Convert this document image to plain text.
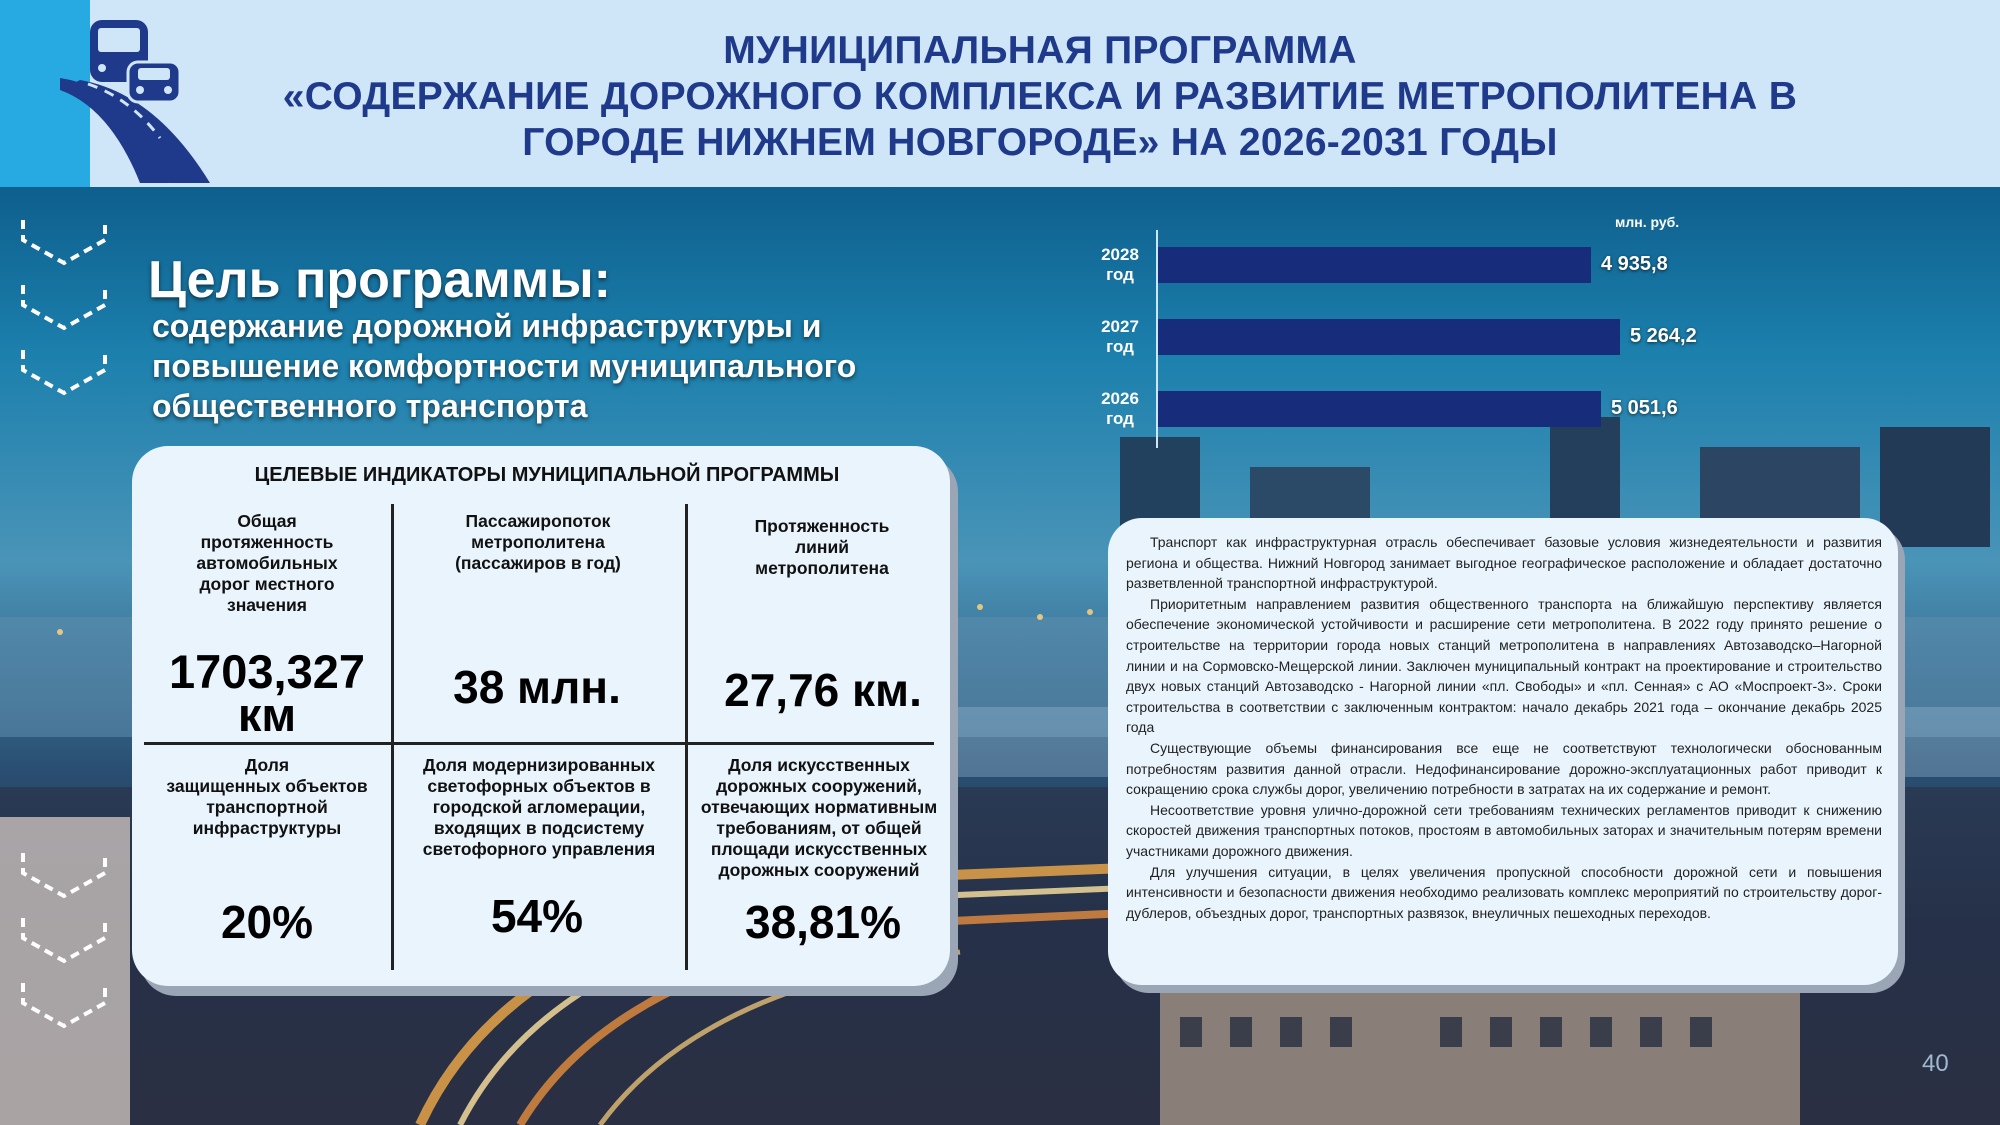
МУНИЦИПАЛЬНАЯ ПРОГРАММА
«СОДЕРЖАНИЕ ДОРОЖНОГО КОМПЛЕКСА И РАЗВИТИЕ МЕТРОПОЛИТЕНА В
ГОРОДЕ НИЖНЕМ НОВГОРОДЕ» НА 2026-2031 ГОДЫ
Цель программы:
содержание дорожной инфраструктуры и
повышение комфортности муниципального
общественного транспорта
ЦЕЛЕВЫЕ ИНДИКАТОРЫ МУНИЦИПАЛЬНОЙ ПРОГРАММЫ
Общая
протяженность
автомобильных
дорог местного
значения
1703,327
км
Пассажиропоток
метрополитена
(пассажиров в год)
38 млн.
Протяженность
линий
метрополитена
27,76 км.
Доля
защищенных объектов
транспортной
инфраструктуры
20%
Доля модернизированных
светофорных объектов в
городской агломерации,
входящих в подсистему
светофорного управления
54%
Доля искусственных
дорожных сооружений,
отвечающих нормативным
требованиям, от общей
площади искусственных
дорожных сооружений
38,81%
млн. руб.
2028
год	4 935,8
2027
год	5 264,2
2026
год	5 051,6

Транспорт как инфраструктурная отрасль обеспечивает базовые условия жизнедеятельности и развития региона и общества. Нижний Новгород занимает выгодное географическое расположение и обладает достаточно разветвленной транспортной инфраструктурой.

Приоритетным направлением развития общественного транспорта на ближайшую перспективу является обеспечение экономической устойчивости и расширение сети метрополитена. В 2022 году принято решение о строительстве на территории города новых станций метрополитена в направлениях Автозаводско–Нагорной линии и на Сормовско-Мещерской линии. Заключен муниципальный контракт на проектирование и строительство двух новых станций Автозаводско - Нагорной линии «пл. Свободы» и «пл. Сенная» с АО «Моспроект-3». Сроки строительства в соответствии с заключенным контрактом: начало декабрь 2021 года – окончание декабрь 2025 года

Существующие объемы финансирования все еще не соответствуют технологически обоснованным потребностям развития данной отрасли. Недофинансирование дорожно-эксплуатационных работ приводит к сокращению срока службы дорог, увеличению потребности в затратах на их содержание и ремонт.

Несоответствие уровня улично-дорожной сети требованиям технических регламентов приводит к снижению скоростей движения транспортных потоков, простоям в автомобильных заторах и значительным потерям времени участниками дорожного движения.

Для улучшения ситуации, в целях увеличения пропускной способности дорожной сети и повышения интенсивности и безопасности движения необходимо реализовать комплекс мероприятий по строительству дорог-дублеров, объездных дорог, транспортных развязок, внеуличных пешеходных переходов.

40
